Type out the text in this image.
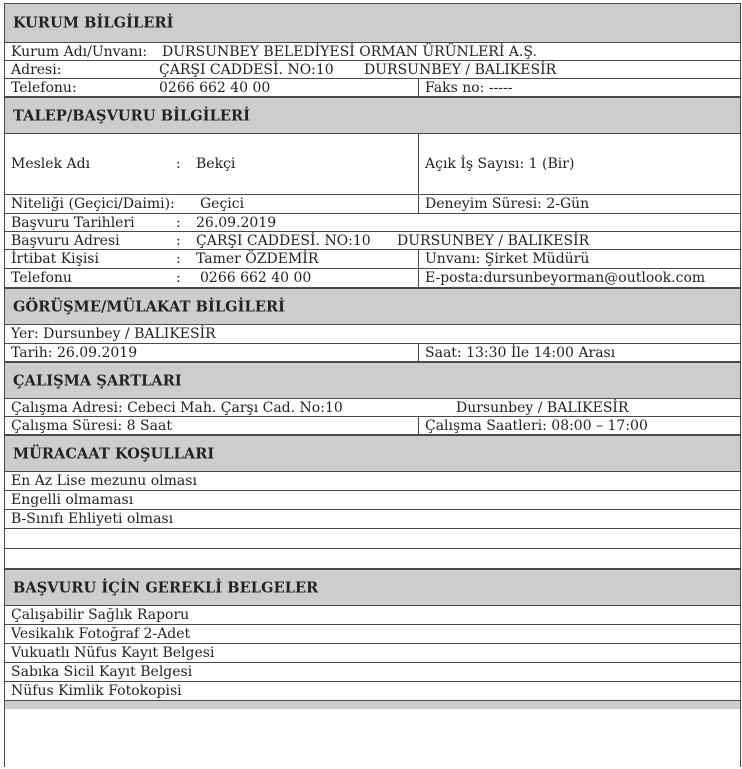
KURUM BİLGİLERİ
Kurum Adı/Unvanı: DURSUNBEY BELEDİYESİ ORMAN ÜRÜNLERİ A.Ş.
Adresi:	ÇARŞI CADDESİ. NO:10 DURSUNBEY / BALIKESİR
Telefonu:	0266 662 40 00	Faks no: -----
TALEP/BAŞVURU BİLGİLERİ
Meslek Adı	: Bekçi	Açık İş Sayısı: 1 (Bir)
Niteliği (Geçici/Daimi): Geçici	Deneyim Süresi: 2-Gün
Başvuru Tarihleri	: 26.09.2019
Başvuru Adresi	: ÇARŞI CADDESİ. NO:10 DURSUNBEY / BALIKESİR
İrtibat Kişisi	: Tamer ÖZDEMİR	Unvanı: Şirket Müdürü
Telefonu	: 0266 662 40 00	E-posta:dursunbeyorman@outlook.com
GÖRÜŞME/MÜLAKAT BİLGİLERİ
Yer: Dursunbey / BALIKESİR
Tarih: 26.09.2019	Saat: 13:30 İle 14:00 Arası
ÇALIŞMA ŞARTLARI
Çalışma Adresi: Cebeci Mah. Çarşı Cad. No:10	Dursunbey / BALIKESİR
Çalışma Süresi: 8 Saat	Çalışma Saatleri: 08:00 – 17:00
MÜRACAAT KOŞULLARI
En Az Lise mezunu olması
Engelli olmaması
B-Sınıfı Ehliyeti olması
BAŞVURU İÇİN GEREKLİ BELGELER
Çalışabilir Sağlık Raporu
Vesikalık Fotoğraf 2-Adet
Vukuatlı Nüfus Kayıt Belgesi
Sabıka Sicil Kayıt Belgesi
Nüfus Kimlik Fotokopisi
